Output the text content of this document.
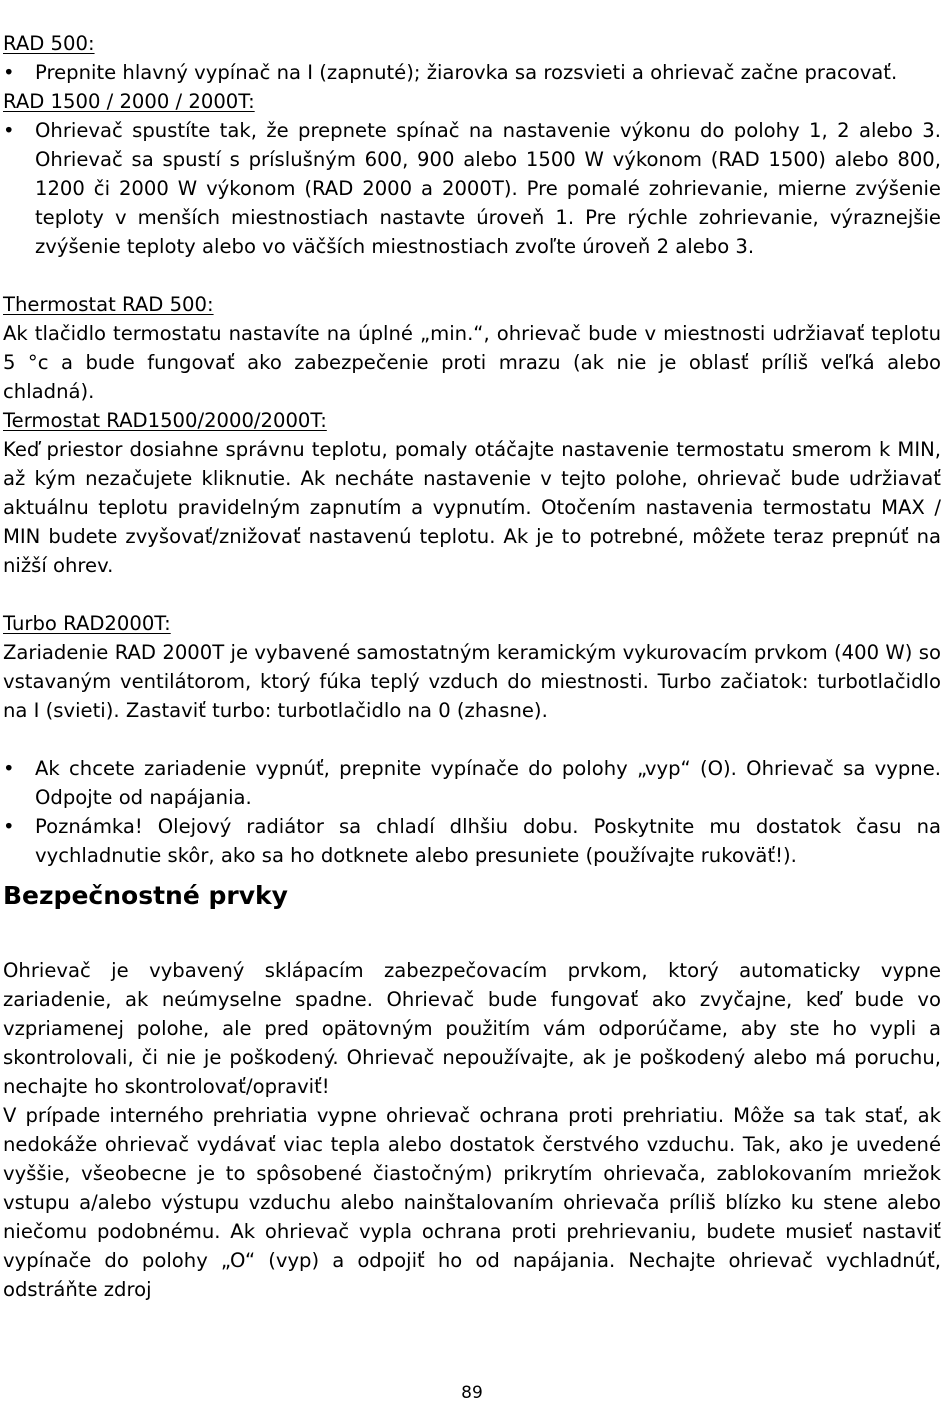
RAD 500:

•	Prepnite hlavný vypínač na I (zapnuté); žiarovka sa rozsvieti a ohrievač začne pracovať.

RAD 1500 / 2000 / 2000T:

•	Ohrievač spustíte tak, že prepnete spínač na nastavenie výkonu do polohy 1, 2 alebo 3. Ohrievač sa spustí s príslušným 600, 900 alebo 1500 W výkonom (RAD 1500) alebo 800, 1200 či 2000 W výkonom (RAD 2000 a 2000T). Pre pomalé zohrievanie, mierne zvýšenie teploty v menších miestnostiach nastavte úroveň 1. Pre rýchle zohrievanie, výraznejšie zvýšenie teploty alebo vo väčších miestnostiach zvoľte úroveň 2 alebo 3.

Thermostat RAD 500:

Ak tlačidlo termostatu nastavíte na úplné „min.“, ohrievač bude v miestnosti udržiavať teplotu 5 °c a bude fungovať ako zabezpečenie proti mrazu (ak nie je oblasť príliš veľká alebo chladná).

Termostat RAD1500/2000/2000T:

Keď priestor dosiahne správnu teplotu, pomaly otáčajte nastavenie termostatu smerom k MIN, až kým nezačujete kliknutie. Ak necháte nastavenie v tejto polohe, ohrievač bude udržiavať aktuálnu teplotu pravidelným zapnutím a vypnutím. Otočením nastavenia termostatu MAX / MIN budete zvyšovať/znižovať nastavenú teplotu. Ak je to potrebné, môžete teraz prepnúť na nižší ohrev.

Turbo RAD2000T:

Zariadenie RAD 2000T je vybavené samostatným keramickým vykurovacím prvkom (400 W) so vstavaným ventilátorom, ktorý fúka teplý vzduch do miestnosti. Turbo začiatok: turbotlačidlo na I (svieti). Zastaviť turbo: turbotlačidlo na 0 (zhasne).

•	Ak chcete zariadenie vypnúť, prepnite vypínače do polohy „vyp“ (O). Ohrievač sa vypne. Odpojte od napájania.
•	Poznámka! Olejový radiátor sa chladí dlhšiu dobu. Poskytnite mu dostatok času na vychladnutie skôr, ako sa ho dotknete alebo presuniete (používajte rukoväť!).
Bezpečnostné prvky

Ohrievač je vybavený sklápacím zabezpečovacím prvkom, ktorý automaticky vypne zariadenie, ak neúmyselne spadne. Ohrievač bude fungovať ako zvyčajne, keď bude vo vzpriamenej polohe, ale pred opätovným použitím vám odporúčame, aby ste ho vypli a skontrolovali, či nie je poškodený. Ohrievač nepoužívajte, ak je poškodený alebo má poruchu, nechajte ho skontrolovať/opraviť!

V prípade interného prehriatia vypne ohrievač ochrana proti prehriatiu. Môže sa tak stať, ak nedokáže ohrievač vydávať viac tepla alebo dostatok čerstvého vzduchu. Tak, ako je uvedené vyššie, všeobecne je to spôsobené čiastočným) prikrytím ohrievača, zablokovaním mriežok vstupu a/alebo výstupu vzduchu alebo nainštalovaním ohrievača príliš blízko ku stene alebo niečomu podobnému. Ak ohrievač vypla ochrana proti prehrievaniu, budete musieť nastaviť vypínače do polohy „O“ (vyp) a odpojiť ho od napájania. Nechajte ohrievač vychladnúť, odstráňte zdroj

89
